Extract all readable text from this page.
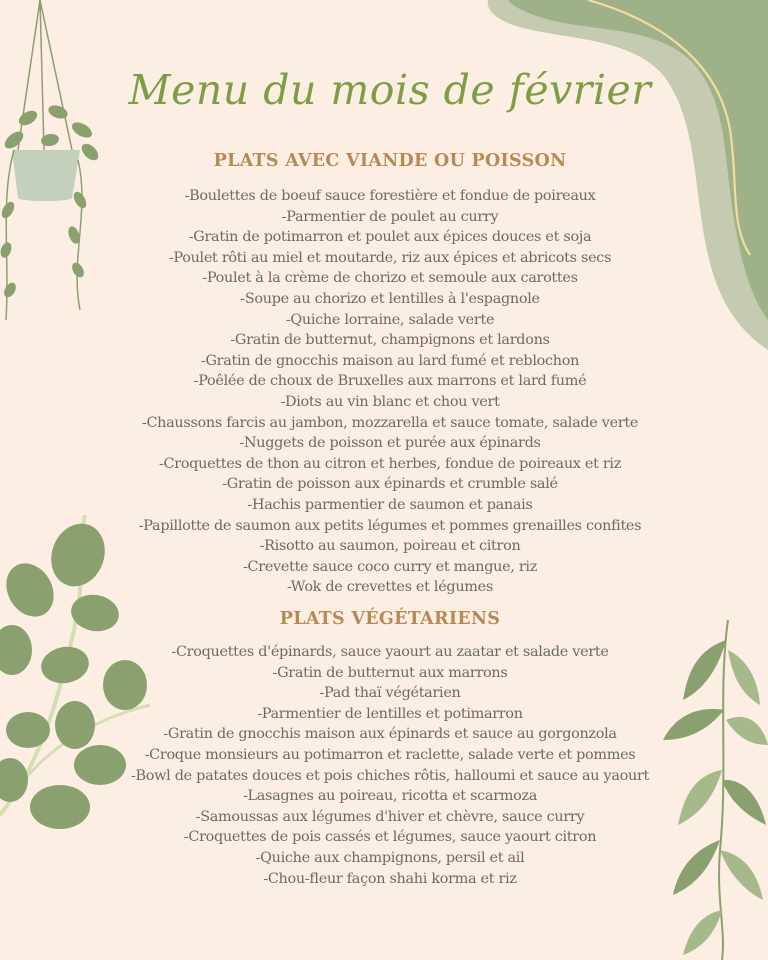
Menu du mois de février
PLATS AVEC VIANDE OU POISSON
-Boulettes de boeuf sauce forestière et fondue de poireaux
-Parmentier de poulet au curry
-Gratin de potimarron et poulet aux épices douces et soja
-Poulet rôti au miel et moutarde, riz aux épices et abricots secs
-Poulet à la crème de chorizo et semoule aux carottes
-Soupe au chorizo et lentilles à l'espagnole
-Quiche lorraine, salade verte
-Gratin de butternut, champignons et lardons
-Gratin de gnocchis maison au lard fumé et reblochon
-Poêlée de choux de Bruxelles aux marrons et lard fumé
-Diots au vin blanc et chou vert
-Chaussons farcis au jambon, mozzarella et sauce tomate, salade verte
-Nuggets de poisson et purée aux épinards
-Croquettes de thon au citron et herbes, fondue de poireaux et riz
-Gratin de poisson aux épinards et crumble salé
-Hachis parmentier de saumon et panais
-Papillotte de saumon aux petits légumes et pommes grenailles confites
-Risotto au saumon, poireau et citron
-Crevette sauce coco curry et mangue, riz
-Wok de crevettes et légumes
PLATS VÉGÉTARIENS
-Croquettes d'épinards, sauce yaourt au zaatar et salade verte
-Gratin de butternut aux marrons
-Pad thaï végétarien
-Parmentier de lentilles et potimarron
-Gratin de gnocchis maison aux épinards et sauce au gorgonzola
-Croque monsieurs au potimarron et raclette, salade verte et pommes
-Bowl de patates douces et pois chiches rôtis, halloumi et sauce au yaourt
-Lasagnes au poireau, ricotta et scarmoza
-Samoussas aux légumes d'hiver et chèvre, sauce curry
-Croquettes de pois cassés et légumes, sauce yaourt citron
-Quiche aux champignons, persil et ail
-Chou-fleur façon shahi korma et riz
